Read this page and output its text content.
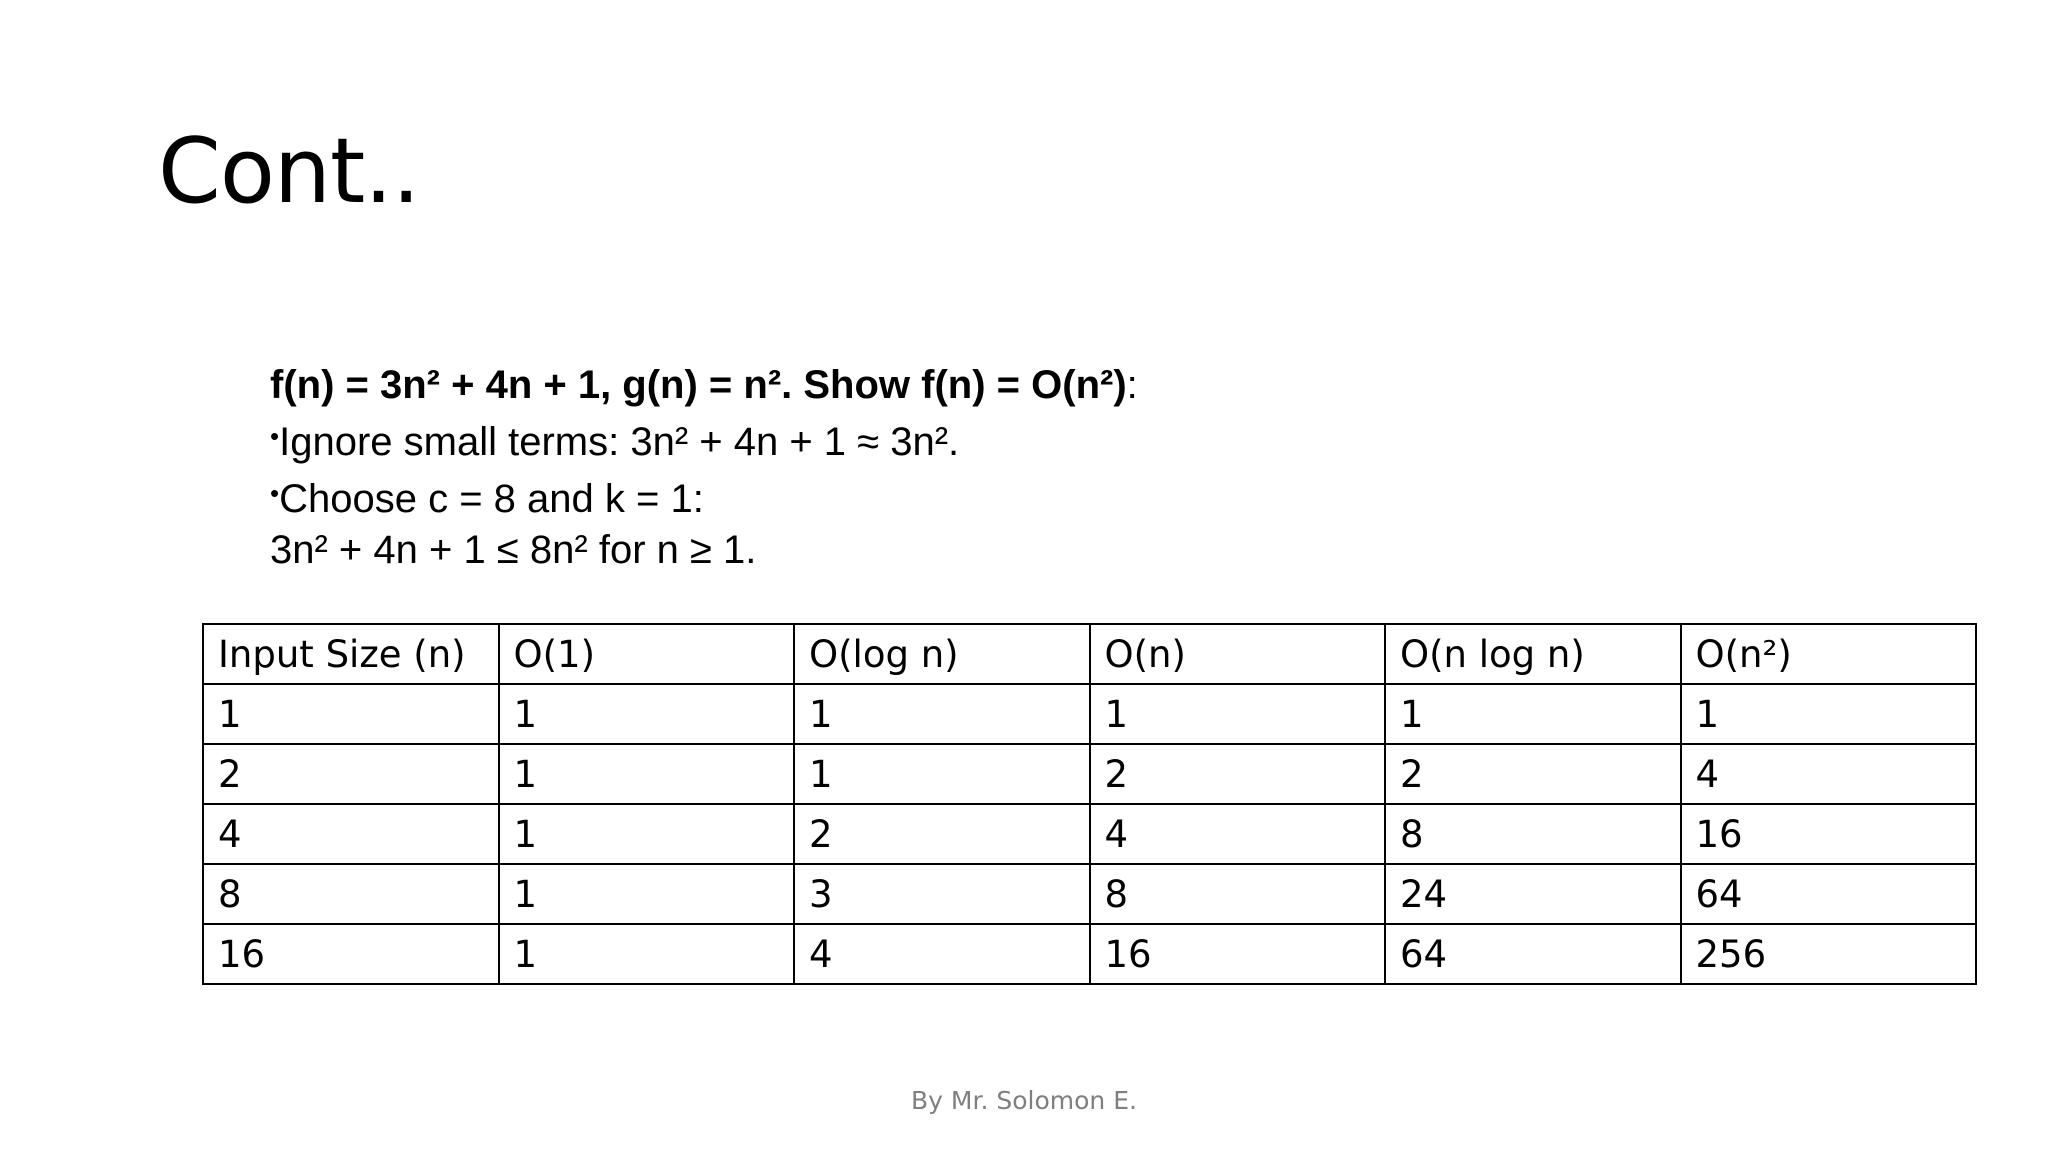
Cont..
f(n) = 3n² + 4n + 1, g(n) = n². Show f(n) = O(n²):
•Ignore small terms: 3n² + 4n + 1 ≈ 3n².
•Choose c = 8 and k = 1:
3n² + 4n + 1 ≤ 8n² for n ≥ 1.
Input Size (n)	O(1)	O(log n)	O(n)	O(n log n)	O(n²)
1	1	1	1	1	1
2	1	1	2	2	4
4	1	2	4	8	16
8	1	3	8	24	64
16	1	4	16	64	256
By Mr. Solomon E.
